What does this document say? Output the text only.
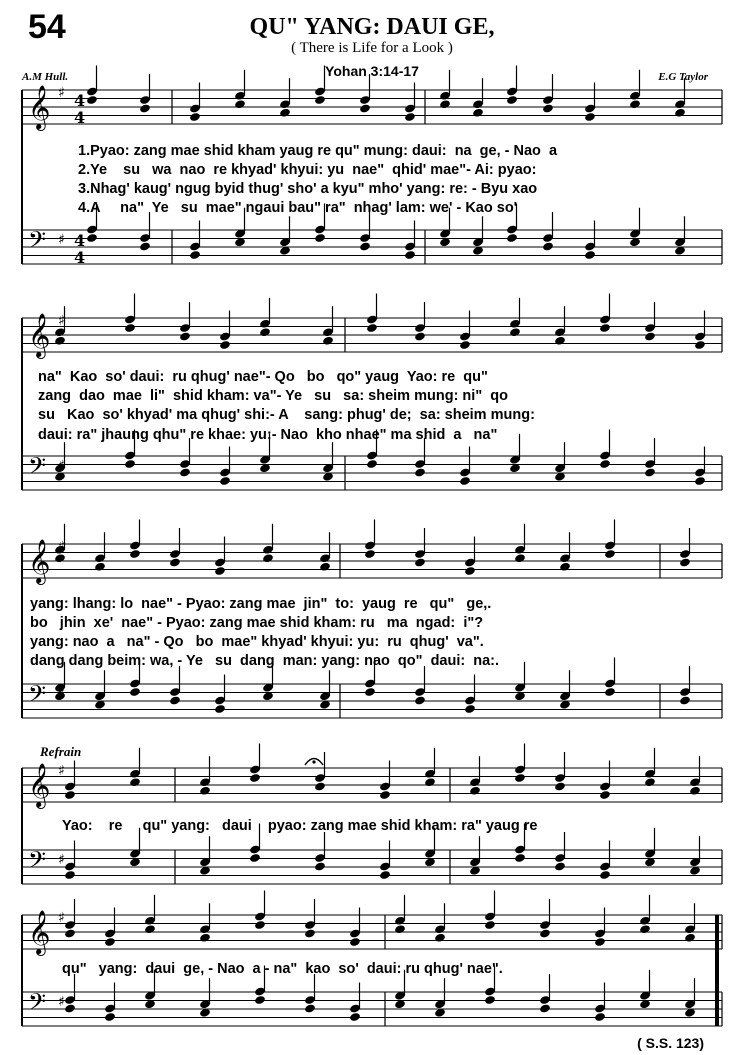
54	QU" YANG: DAUI GE,
( There is Life for a Look )
Yohan 3:14-17
A.M Hull.	E.G Taylor
𝄞 ♯ 4
4
𝄢 ♯ 4
4
𝄞 ♯
𝄢
𝄞
𝄢
𝄞 ♯
𝄢 ♯
𝄞 ♯
𝄢 ♯
1.Pyao: zang mae shid kham yaug re qu" mung: daui:  na  ge, - Nao  a
2.Ye    su   wa  nao  re khyad' khyui: yu  nae"  qhid' mae"- Ai: pyao:
3.Nhag' kaug' ngug byid thug' sho' a kyu" mho' yang: re: - Byu xao
4.A     na"  Ye   su  mae" ngaui bau" ra"  nhag' lam: we' - Kao so'
na"  Kao  so' daui:  ru qhug' nae"- Qo   bo   qo" yaug  Yao: re  qu"
zang  dao  mae  li"  shid kham: va"- Ye   su   sa: sheim mung: ni"  qo
su   Kao  so' khyad' ma qhug' shi:- A    sang: phug' de;  sa: sheim mung:
daui: ra" jhaung qhu" re khae: yu:- Nao  kho nhae" ma shid  a   na"
yang: lhang: lo  nae" - Pyao: zang mae  jin"  to:  yaug  re   qu"   ge,.
bo   jhin  xe'  nae" - Pyao: zang mae shid kham: ru   ma  ngad:  i"?
yang: nao  a   na" - Qo   bo  mae" khyad' khyui: yu:  ru  qhug'  va".
dang dang beim: wa, - Ye   su  dang  man: yang: nao  qo"  daui:  na:.
Refrain
Yao:    re     qu" yang:   daui    pyao: zang mae shid kham: ra" yaug re
qu"   yang:  daui  ge, - Nao  a - na"  kao  so'  daui: ru qhug' nae".
( S.S. 123)
